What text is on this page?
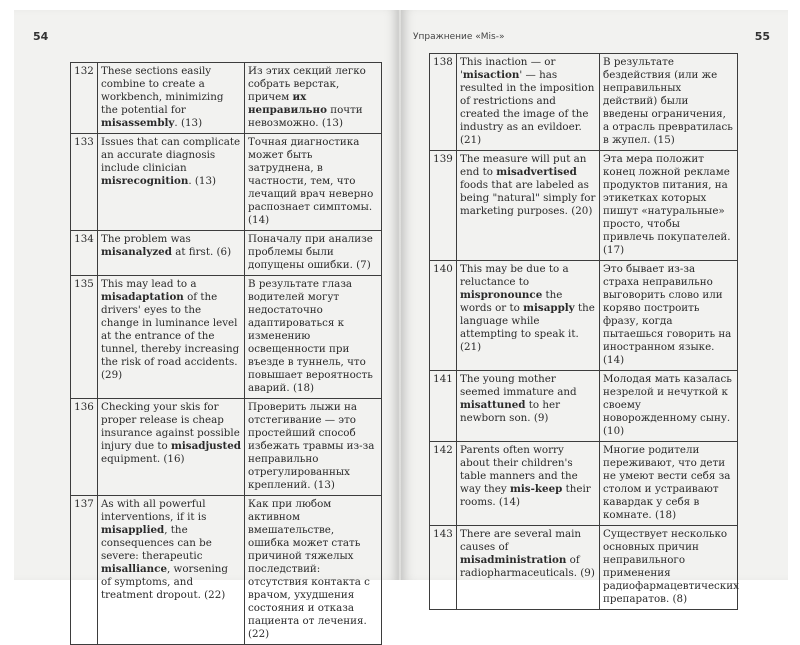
54
132	These sections easily combine to create a workbench, minimizing the potential for misassembly. (13)	Из этих секций легко собрать верстак, причем их неправильно почти невозможно. (13)
133	Issues that can complicate an accurate diagnosis include clinician misrecognition. (13)	Точная диагностика может быть затруднена, в частности, тем, что лечащий врач неверно распознает симптомы. (14)
134	The problem was misanalyzed at first. (6)	Поначалу при анализе проблемы были допущены ошибки. (7)
135	This may lead to a misadaptation of the drivers' eyes to the change in luminance level at the entrance of the tunnel, thereby increasing the risk of road accidents. (29)	В результате глаза водителей могут недостаточно адаптироваться к изменению освещенности при въезде в туннель, что повышает вероятность аварий. (18)
136	Checking your skis for proper release is cheap insurance against possible injury due to misadjusted equipment. (16)	Проверить лыжи на отстегивание — это простейший способ избежать травмы из-за неправильно отрегулированных креплений. (13)
137	As with all powerful interventions, if it is misapplied, the consequences can be severe: therapeutic misalliance, worsening of symptoms, and treatment dropout. (22)	Как при любом активном вмешательстве, ошибка может стать причиной тяжелых последствий: отсутствия контакта с врачом, ухудшения состояния и отказа пациента от лечения. (22)
Упражнение «Mis-»	55
138	This inaction — or 'misaction' — has resulted in the imposition of restrictions and created the image of the industry as an evildoer. (21)	В результате бездействия (или же неправильных действий) были введены ограничения, а отрасль превратилась в жупел. (15)
139	The measure will put an end to misadvertised foods that are labeled as being "natural" simply for marketing purposes. (20)	Эта мера положит конец ложной рекламе продуктов питания, на этикетках которых пишут «натуральные» просто, чтобы привлечь покупателей. (17)
140	This may be due to a reluctance to mispronounce the words or to misapply the language while attempting to speak it. (21)	Это бывает из-за страха неправильно выговорить слово или коряво построить фразу, когда пытаешься говорить на иностранном языке. (14)
141	The young mother seemed immature and misattuned to her newborn son. (9)	Молодая мать казалась незрелой и нечуткой к своему новорожденному сыну. (10)
142	Parents often worry about their children's table manners and the way they mis-keep their rooms. (14)	Многие родители переживают, что дети не умеют вести себя за столом и устраивают кавардак у себя в комнате. (18)
143	There are several main causes of misadministration of radiopharmaceuticals. (9)	Существует несколько основных причин неправильного применения радиофармацевтических препаратов. (8)
